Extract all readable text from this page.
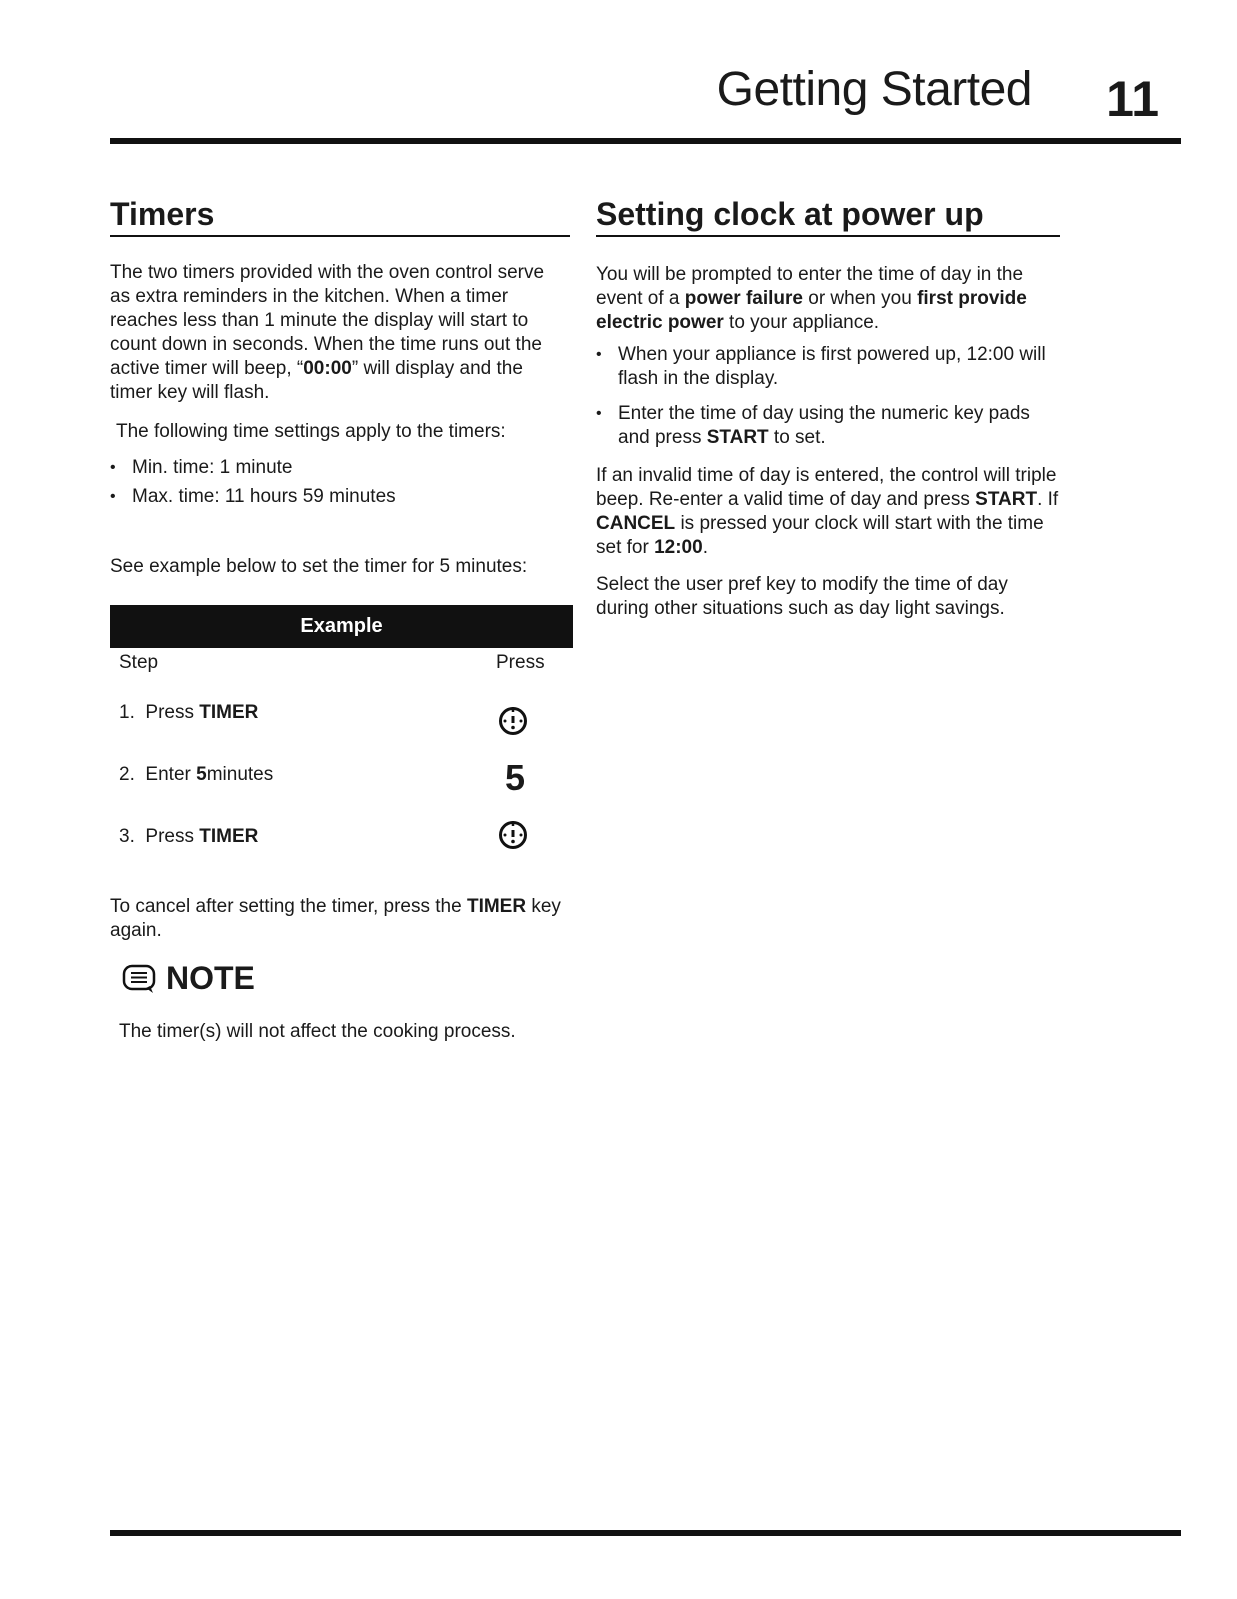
Getting Started 11
Timers

The two timers provided with the oven control serve as extra reminders in the kitchen. When a timer reaches less than 1 minute the display will start to count down in seconds. When the time runs out the active timer will beep, “00:00” will display and the timer key will flash.

The following time settings apply to the timers:

• Min. time: 1 minute
• Max. time: 11 hours 59 minutes

See example below to set the timer for 5 minutes:

Example
Step	Press
1. Press TIMER
2. Enter 5minutes
3. Press TIMER
5

To cancel after setting the timer, press the TIMER key again.

NOTE

The timer(s) will not affect the cooking process.

Setting clock at power up

You will be prompted to enter the time of day in the event of a power failure or when you first provide electric power to your appliance.

• When your appliance is first powered up, 12:00 will flash in the display.
• Enter the time of day using the numeric key pads and press START to set.

If an invalid time of day is entered, the control will triple beep. Re-enter a valid time of day and press START. If CANCEL is pressed your clock will start with the time set for 12:00.

Select the user pref key to modify the time of day during other situations such as day light savings.
